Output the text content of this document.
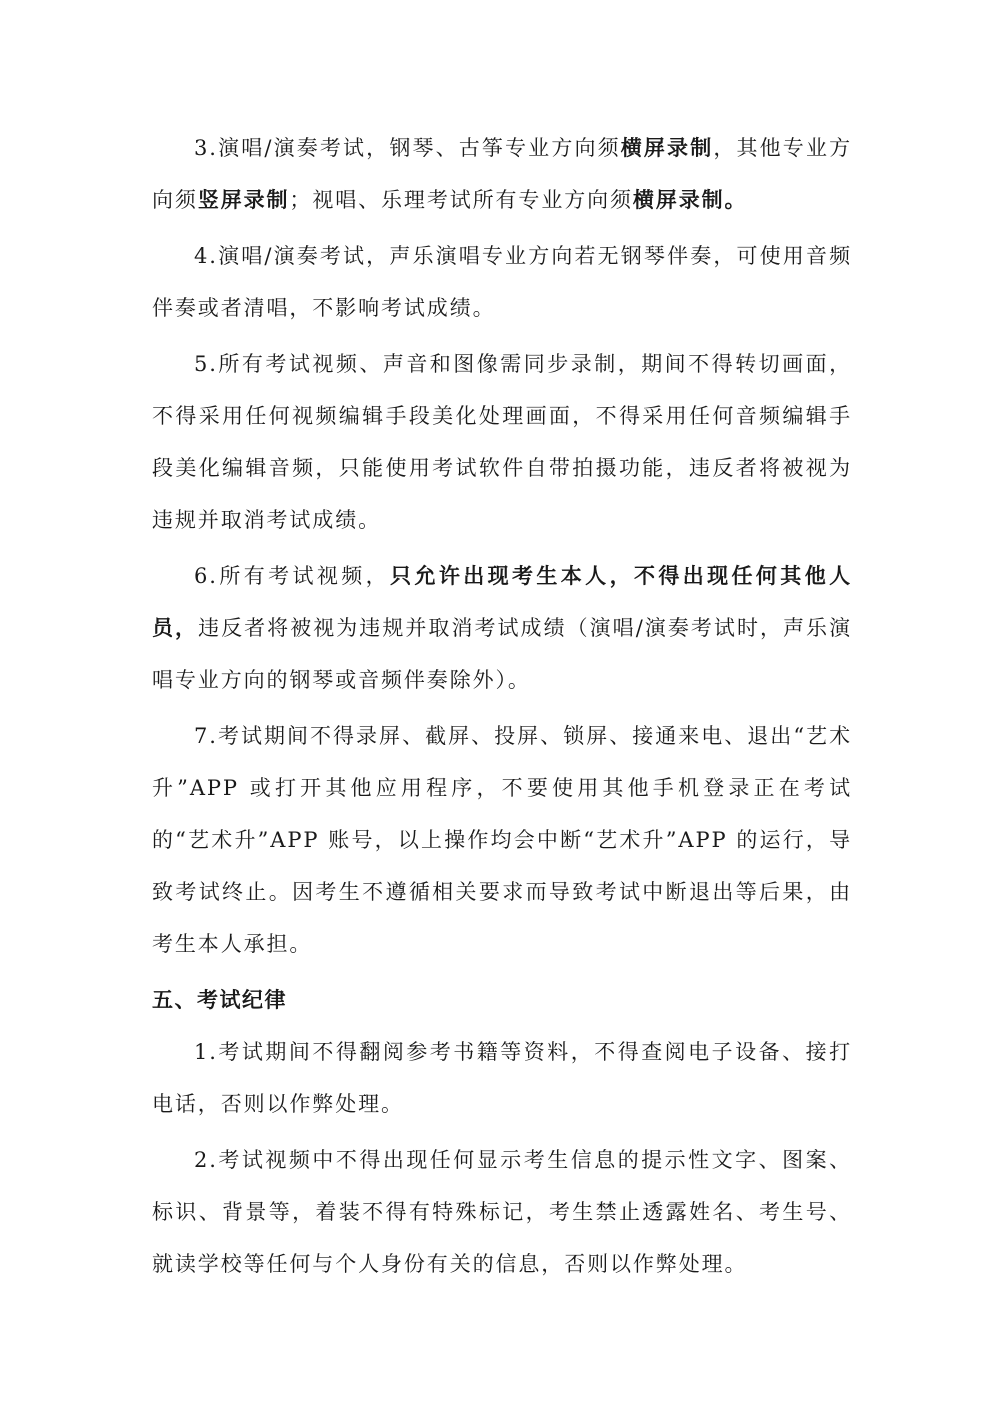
3.演唱/演奏考试，钢琴、古筝专业方向须横屏录制，其他专业方向须竖屏录制；视唱、乐理考试所有专业方向须横屏录制。

4.演唱/演奏考试，声乐演唱专业方向若无钢琴伴奏，可使用音频伴奏或者清唱，不影响考试成绩。

5.所有考试视频、声音和图像需同步录制，期间不得转切画面，不得采用任何视频编辑手段美化处理画面，不得采用任何音频编辑手段美化编辑音频，只能使用考试软件自带拍摄功能，违反者将被视为违规并取消考试成绩。

6.所有考试视频，只允许出现考生本人，不得出现任何其他人员，违反者将被视为违规并取消考试成绩（演唱/演奏考试时，声乐演唱专业方向的钢琴或音频伴奏除外）。

7.考试期间不得录屏、截屏、投屏、锁屏、接通来电、退出“艺术升”APP 或打开其他应用程序，不要使用其他手机登录正在考试的“艺术升”APP 账号，以上操作均会中断“艺术升”APP 的运行，导致考试终止。因考生不遵循相关要求而导致考试中断退出等后果，由考生本人承担。

五、考试纪律

1.考试期间不得翻阅参考书籍等资料，不得查阅电子设备、接打电话，否则以作弊处理。

2.考试视频中不得出现任何显示考生信息的提示性文字、图案、标识、背景等，着装不得有特殊标记，考生禁止透露姓名、考生号、就读学校等任何与个人身份有关的信息，否则以作弊处理。
